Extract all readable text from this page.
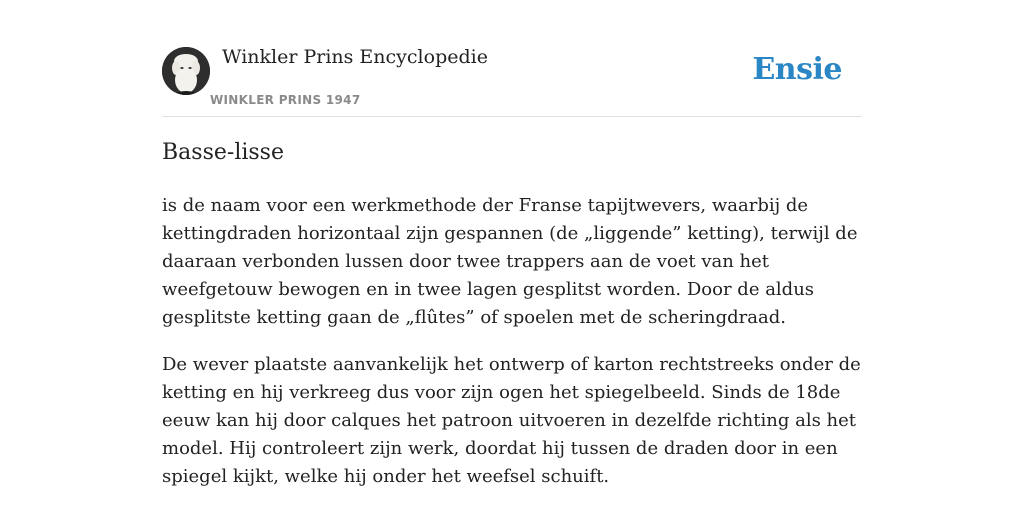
Winkler Prins Encyclopedie
WINKLER PRINS 1947
Ensie
Basse-lisse

is de naam voor een werkmethode der Franse tapijtwevers, waarbij de kettingdraden horizontaal zijn gespannen (de „liggende” ketting), terwijl de daaraan verbonden lussen door twee trappers aan de voet van het weefgetouw bewogen en in twee lagen gesplitst worden. Door de aldus gesplitste ketting gaan de „flûtes” of spoelen met de scheringdraad.

De wever plaatste aanvankelijk het ontwerp of karton rechtstreeks onder de ketting en hij verkreeg dus voor zijn ogen het spiegelbeeld. Sinds de 18de eeuw kan hij door calques het patroon uitvoeren in dezelfde richting als het model. Hij controleert zijn werk, doordat hij tussen de draden door in een spiegel kijkt, welke hij onder het weefsel schuift.
